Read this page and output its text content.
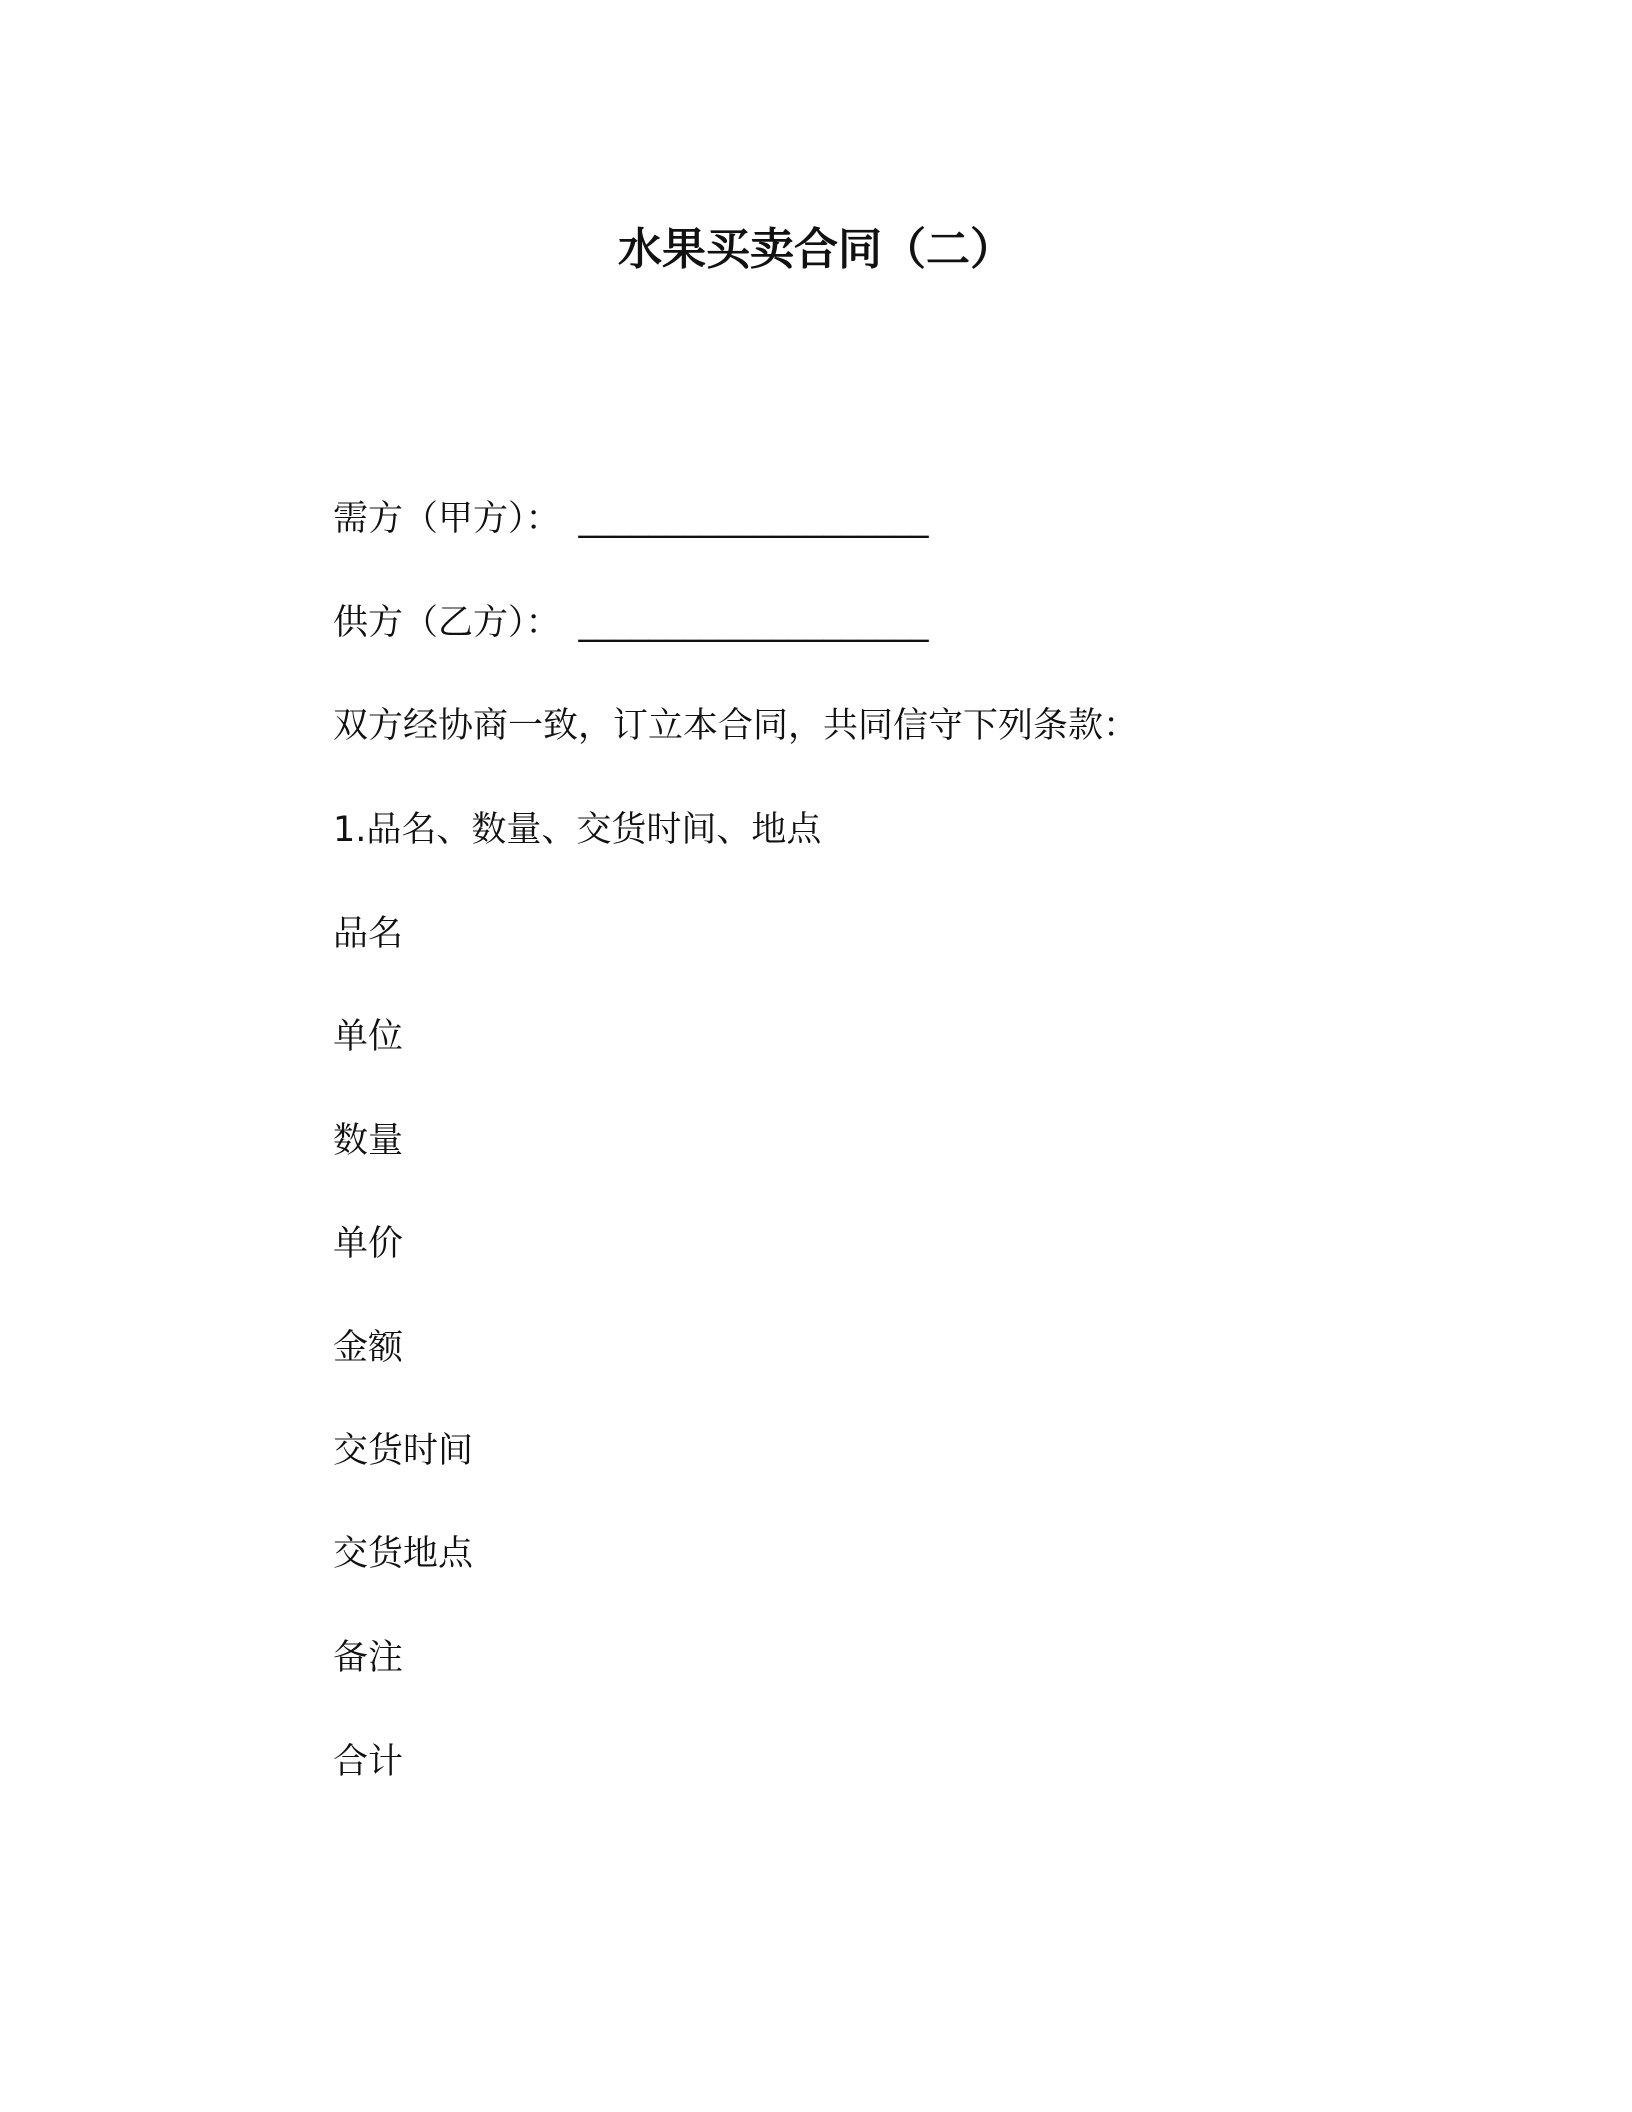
水果买卖合同（二）
需方（甲方）： ____________________
供方（乙方）： ____________________
双方经协商一致，订立本合同，共同信守下列条款：
1.品名、数量、交货时间、地点
品名
单位
数量
单价
金额
交货时间
交货地点
备注
合计
